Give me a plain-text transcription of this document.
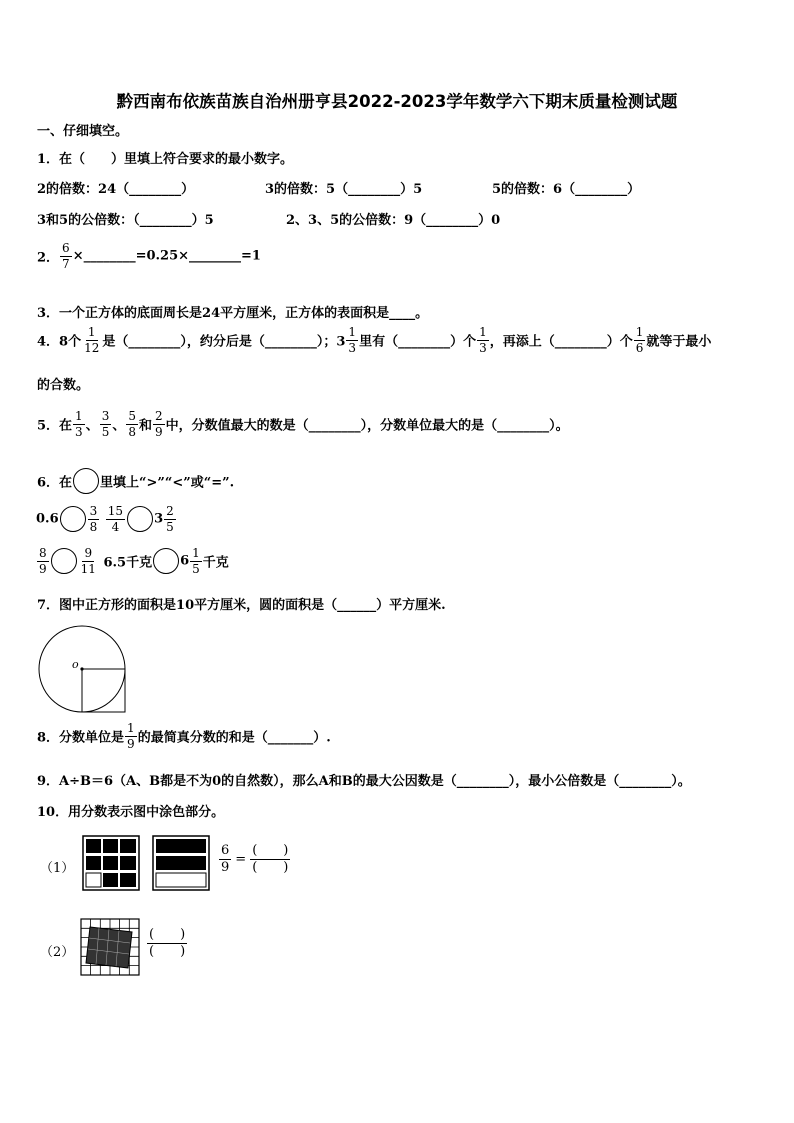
黔西南布依族苗族自治州册亨县2022-2023学年数学六下期末质量检测试题
一、仔细填空。
1．在（　　）里填上符合要求的最小数字。
2的倍数：24（________）	3的倍数：5（________）5	5的倍数：6（________）
3和5的公倍数：（________）5	2、3、5的公倍数：9（________）0
2． $\frac{6}{7}$ ×________=0.25×________=1
3．一个正方体的底面周长是24平方厘米，正方体的表面积是____。
4．8个 $\frac{1}{12}$ 是（________），约分后是（________）；$3 \frac{1}{3}$ 里有（________）个 $\frac{1}{3}$ ，再添上（________）个 $\frac{1}{6}$ 就等于最小
的合数。
5．在 $\frac{1}{3}$ 、 $\frac{3}{5}$ 、 $\frac{5}{8}$ 和 $\frac{2}{9}$ 中，分数值最大的数是（________），分数单位最大的是（________）。
6．在 里填上“>”“<”或“=”.
$0.6 \frac{3}{8}$
$\frac{15}{4} 3 \frac{2}{5}$
$\frac{8}{9}$	$\frac{9}{11} 6.5$千克 $6 \frac{1}{5}$ 千克
7．图中正方形的面积是10平方厘米，圆的面积是（______）平方厘米.
o
8．分数单位是 $\frac{1}{9}$ 的最简真分数的和是（_______）.
9．A÷B＝6（A、B都是不为0的自然数），那么A和B的最大公因数是（________），最小公倍数是（________）。
10．用分数表示图中涂色部分。
（1）	$\frac{6}{9}$ =
(　　)
(　　)
（2）
(　　)
(　　)
